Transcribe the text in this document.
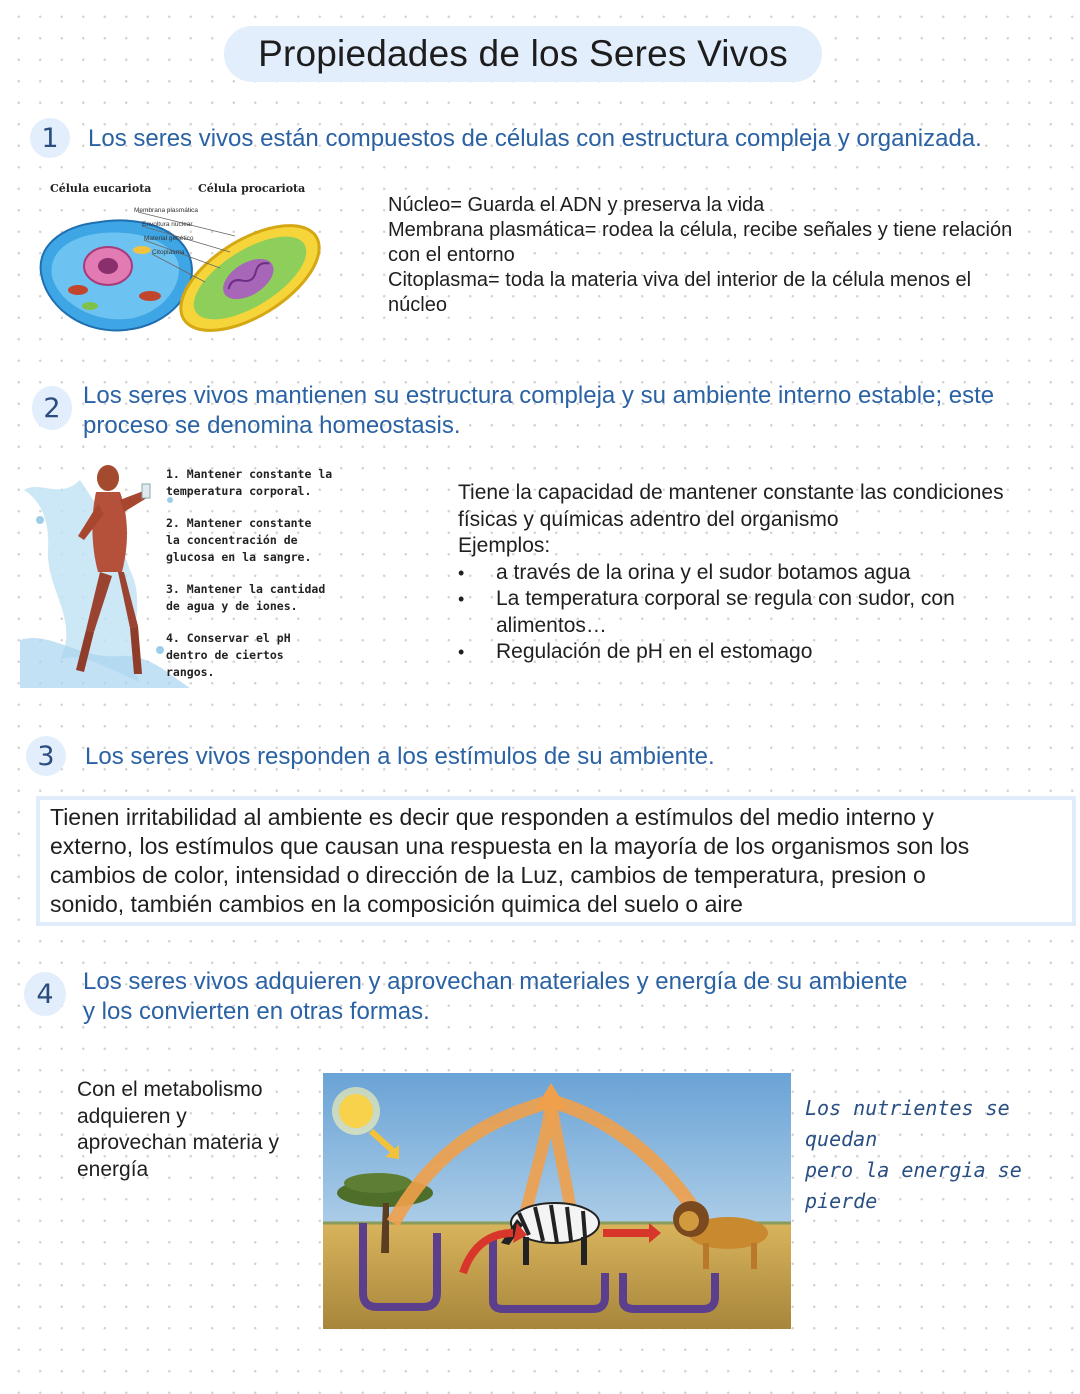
Propiedades de los Seres Vivos
1	Los seres vivos están compuestos de células con estructura compleja y organizada.
Célula eucariota	Célula procariota
Membrana plasmática
Envoltura nuclear
Material genético
Citoplasma
Núcleo= Guarda el ADN y preserva la vida
Membrana plasmática= rodea la célula, recibe señales y tiene relación
con el entorno
Citoplasma= toda la materia viva del interior de la célula menos el
núcleo
2 Los seres vivos mantienen su estructura compleja y su ambiente interno estable; este
proceso se denomina homeostasis.
1. Mantener constante la temperatura corporal.
2. Mantener constante la concentración de glucosa en la sangre.
3. Mantener la cantidad de agua y de iones.
4. Conservar el pH dentro de ciertos rangos.
Tiene la capacidad de mantener constante las condiciones
físicas y químicas adentro del organismo
Ejemplos:
• a través de la orina y el sudor botamos agua
• La temperatura corporal se regula con sudor, con alimentos…
• Regulación de pH en el estomago
3	Los seres vivos responden a los estímulos de su ambiente.
Tienen irritabilidad al ambiente es decir que responden a estímulos del medio interno y
externo, los estímulos que causan una respuesta en la mayoría de los organismos son los
cambios de color, intensidad o dirección de la Luz, cambios de temperatura, presion o
sonido, también cambios en la composición quimica del suelo o aire
4	Los seres vivos adquieren y aprovechan materiales y energía de su ambiente
y los convierten en otras formas.
Con el metabolismo adquieren y aprovechan materia y energía
Los nutrientes se quedan
pero la energia se pierde
